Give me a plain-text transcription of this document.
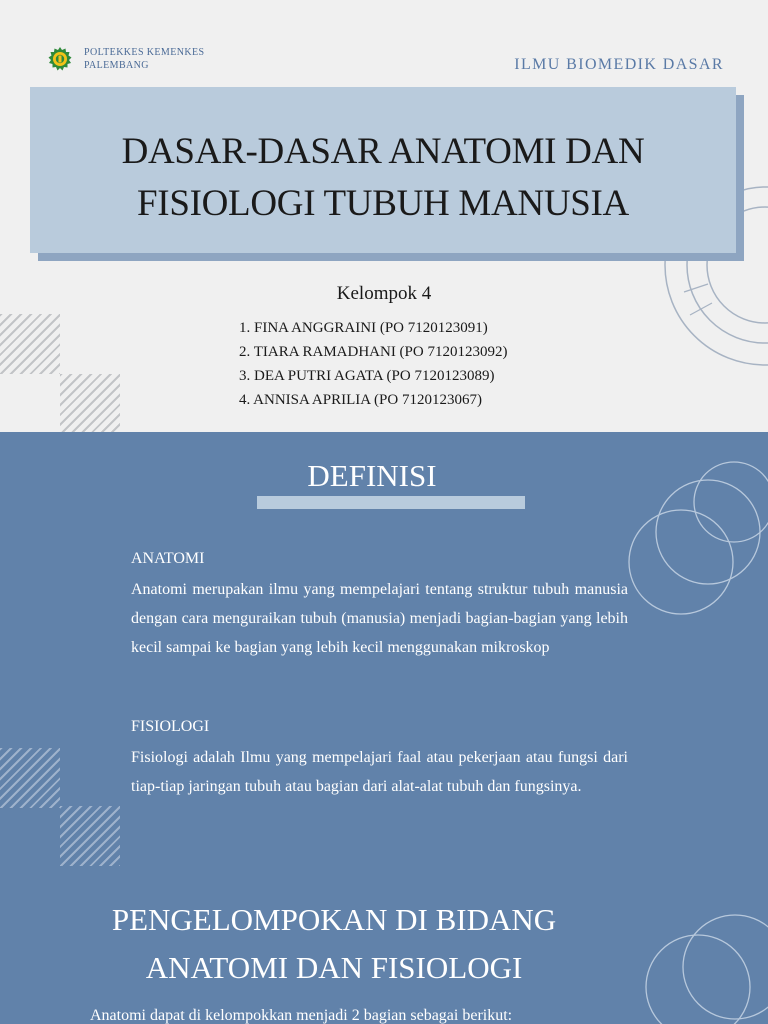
POLTEKKES KEMENKES
PALEMBANG	ILMU BIOMEDIK DASAR
DASAR-DASAR ANATOMI DAN
FISIOLOGI TUBUH MANUSIA
Kelompok 4
1. FINA ANGGRAINI (PO 7120123091)
2. TIARA RAMADHANI (PO 7120123092)
3. DEA PUTRI AGATA (PO 7120123089)
4. ANNISA APRILIA (PO 7120123067)
DEFINISI
ANATOMI
Anatomi merupakan ilmu yang mempelajari tentang struktur tubuh manusia dengan cara menguraikan tubuh (manusia) menjadi bagian-bagian yang lebih kecil sampai ke bagian yang lebih kecil menggunakan mikroskop
FISIOLOGI
Fisiologi adalah Ilmu yang mempelajari faal atau pekerjaan atau fungsi dari tiap-tiap jaringan tubuh atau bagian dari alat-alat tubuh dan fungsinya.
PENGELOMPOKAN DI BIDANG
ANATOMI DAN FISIOLOGI
Anatomi dapat di kelompokkan menjadi 2 bagian sebagai berikut:
